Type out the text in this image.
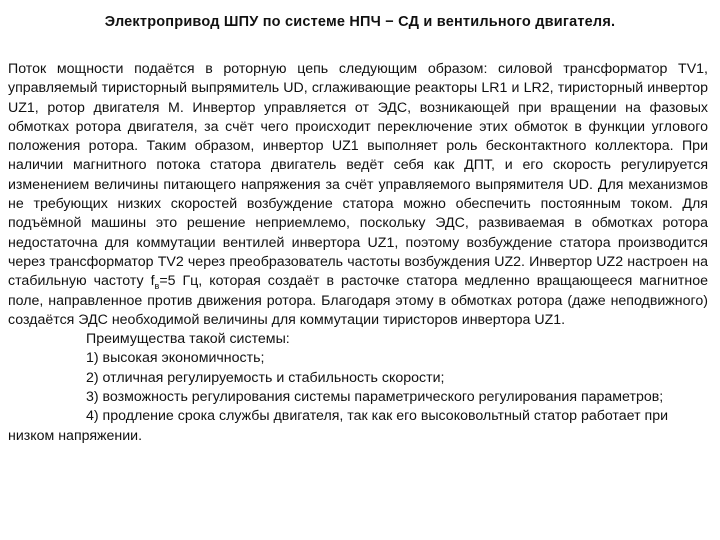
Электропривод ШПУ по системе НПЧ − СД и вентильного двигателя.

Поток мощности подаётся в роторную цепь следующим образом: силовой трансформатор TV1, управляемый тиристорный выпрямитель UD, сглаживающие реакторы LR1 и LR2, тиристорный инвертор UZ1, ротор двигателя М. Инвертор управляется от ЭДС, возникающей при вращении на фазовых обмотках ротора двигателя, за счёт чего происходит переключение этих обмоток в функции углового положения ротора. Таким образом, инвертор UZ1 выполняет роль бесконтактного коллектора. При наличии магнитного потока статора двигатель ведёт себя как ДПТ, и его скорость регулируется изменением величины питающего напряжения за счёт управляемого выпрямителя UD. Для механизмов не требующих низких скоростей возбуждение статора можно обеспечить постоянным током. Для подъёмной машины это решение неприемлемо, поскольку ЭДС, развиваемая в обмотках ротора недостаточна для коммутации вентилей инвертора UZ1, поэтому возбуждение статора производится через трансформатор TV2 через преобразователь частоты возбуждения UZ2. Инвертор UZ2 настроен на стабильную частоту $f_в=5$ Гц, которая создаёт в расточке статора медленно вращающееся магнитное поле, направленное против движения ротора. Благодаря этому в обмотках ротора (даже неподвижного) создаётся ЭДС необходимой величины для коммутации тиристоров инвертора UZ1.

Преимущества такой системы:

1) высокая экономичность;

2) отличная регулируемость и стабильность скорости;

3) возможность регулирования системы параметрического регулирования параметров;

4) продление срока службы двигателя, так как его высоковольтный статор работает при низком напряжении.
